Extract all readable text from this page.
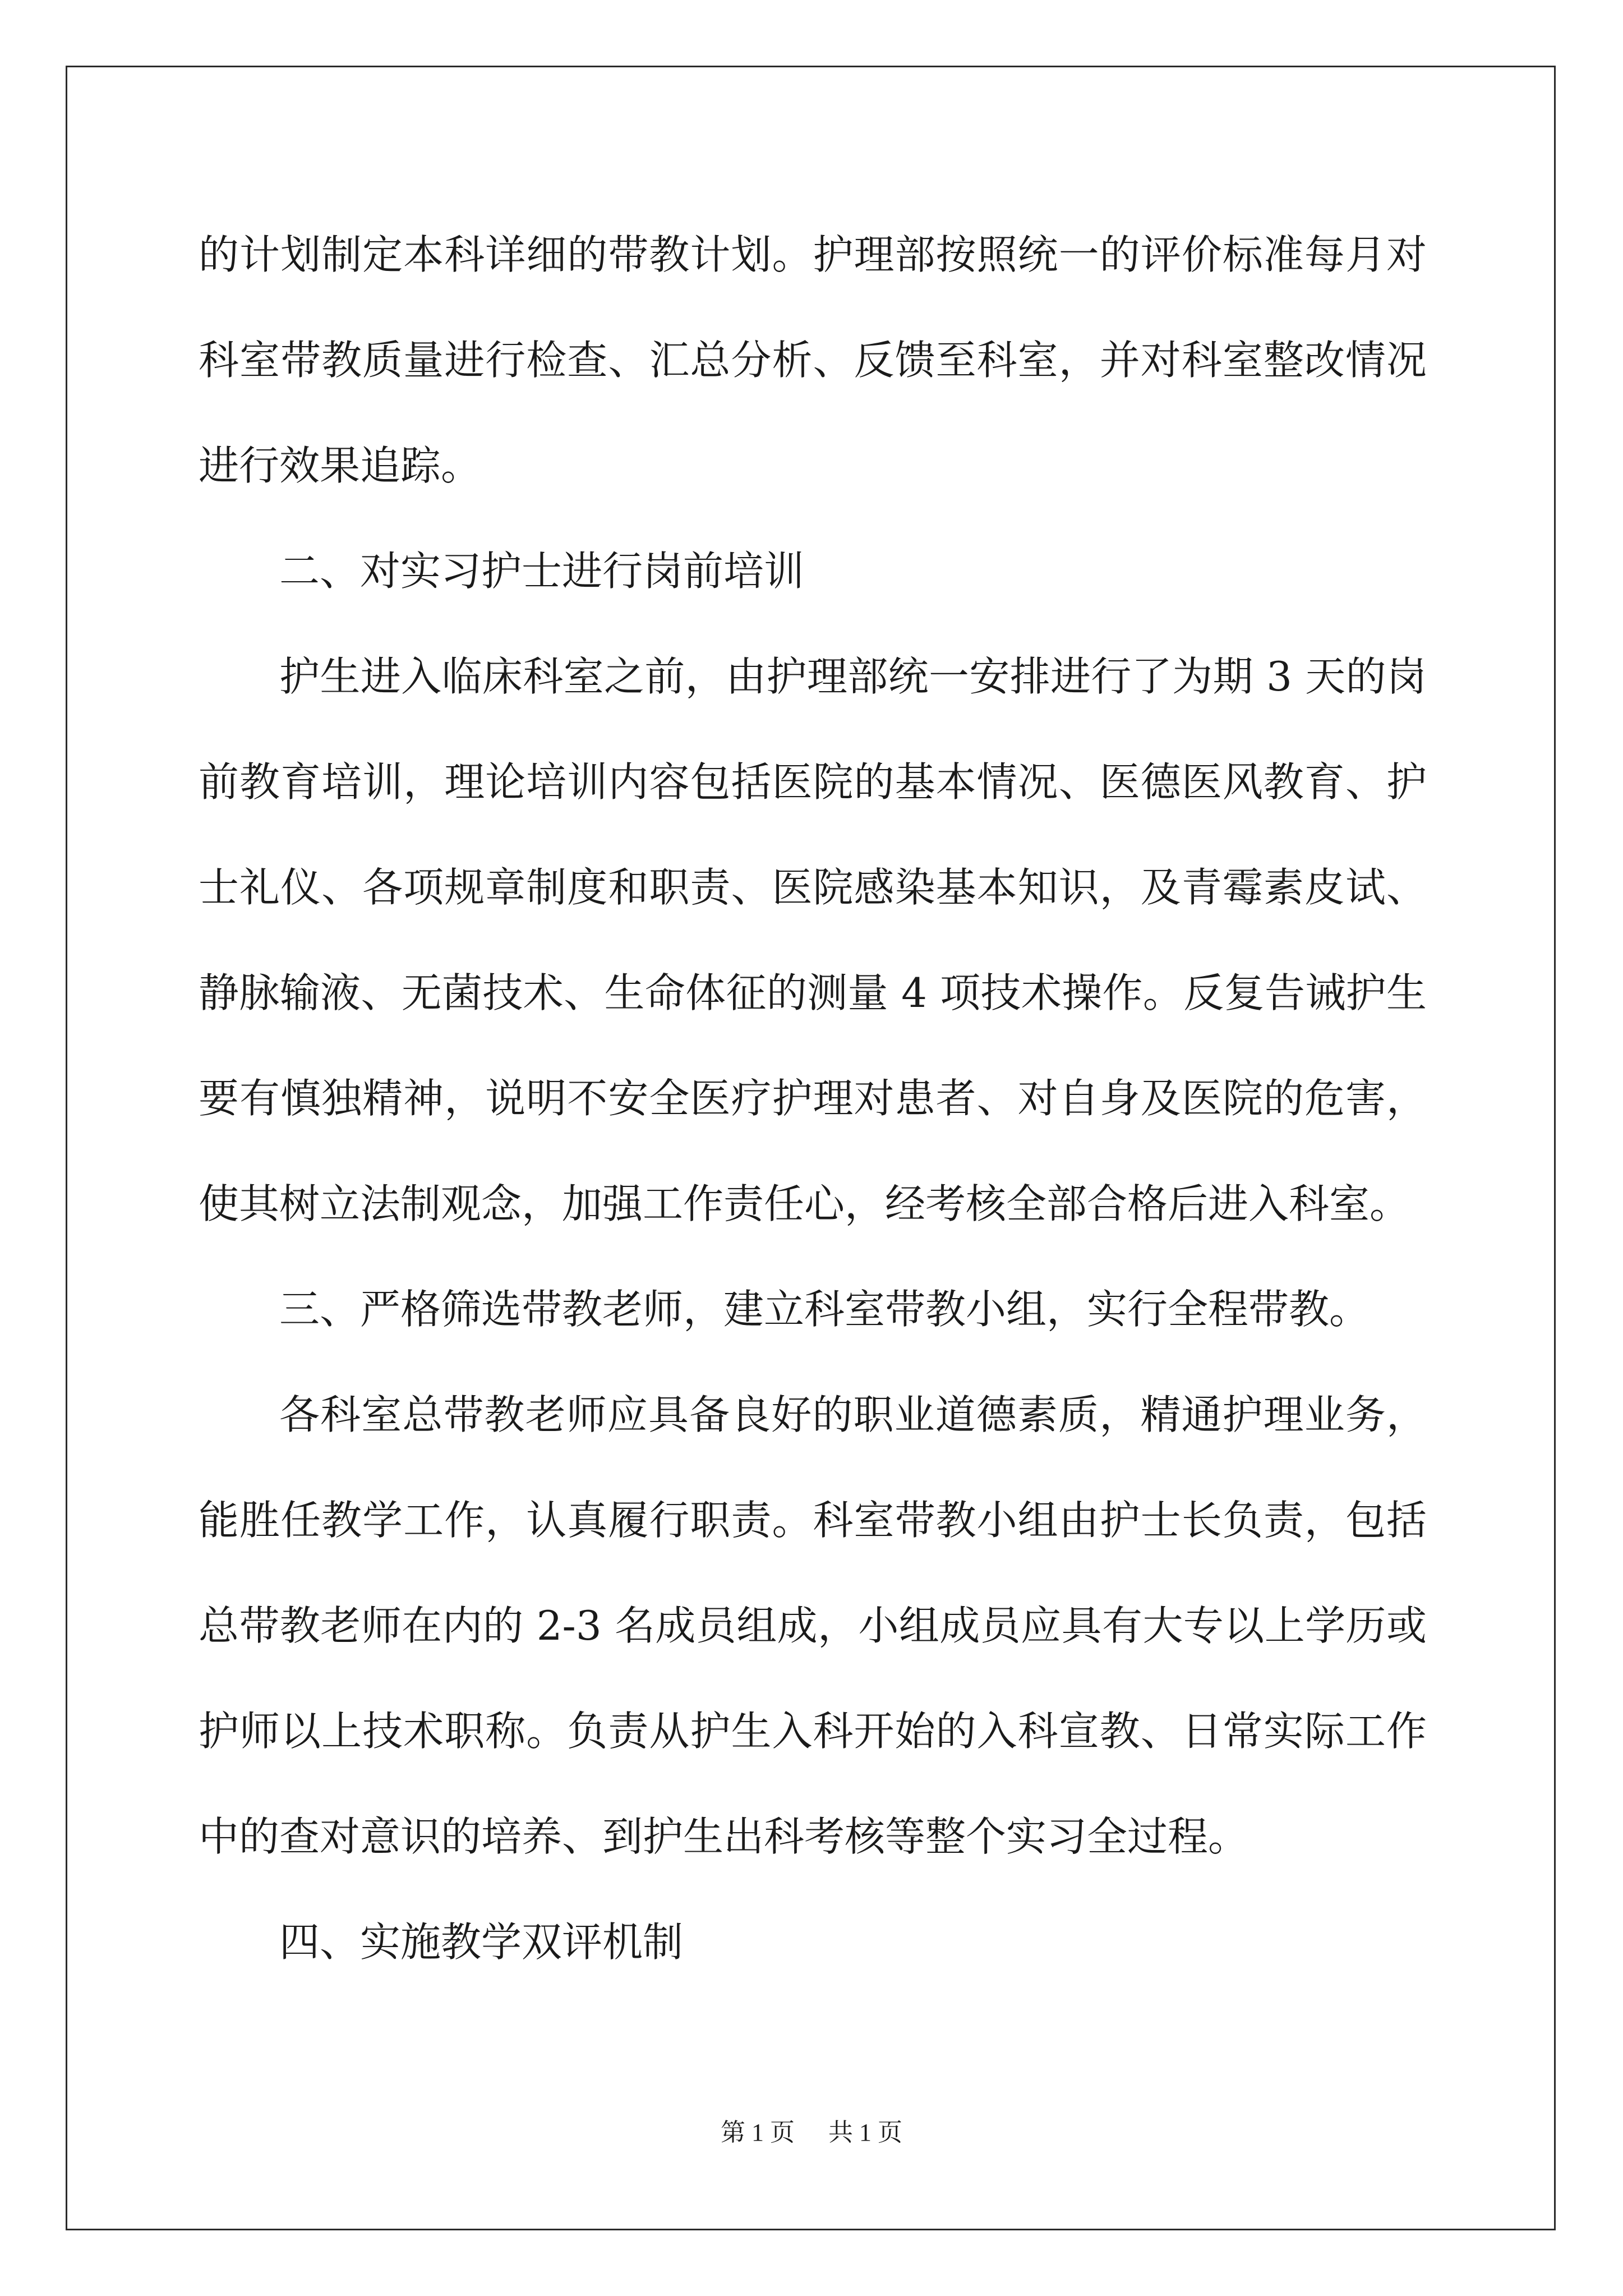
的计划制定本科详细的带教计划。护理部按照统一的评价标准每月对
科室带教质量进行检查、汇总分析、反馈至科室，并对科室整改情况
进行效果追踪。
二、对实习护士进行岗前培训
护生进入临床科室之前，由护理部统一安排进行了为期 3 天的岗
前教育培训，理论培训内容包括医院的基本情况、医德医风教育、护
士礼仪、各项规章制度和职责、医院感染基本知识，及青霉素皮试、
静脉输液、无菌技术、生命体征的测量 4 项技术操作。反复告诫护生
要有慎独精神，说明不安全医疗护理对患者、对自身及医院的危害，
使其树立法制观念，加强工作责任心，经考核全部合格后进入科室。
三、严格筛选带教老师，建立科室带教小组，实行全程带教。
各科室总带教老师应具备良好的职业道德素质，精通护理业务，
能胜任教学工作，认真履行职责。科室带教小组由护士长负责，包括
总带教老师在内的 2-3 名成员组成，小组成员应具有大专以上学历或
护师以上技术职称。负责从护生入科开始的入科宣教、日常实际工作
中的查对意识的培养、到护生出科考核等整个实习全过程。
四、实施教学双评机制
第 1 页 共 1 页
